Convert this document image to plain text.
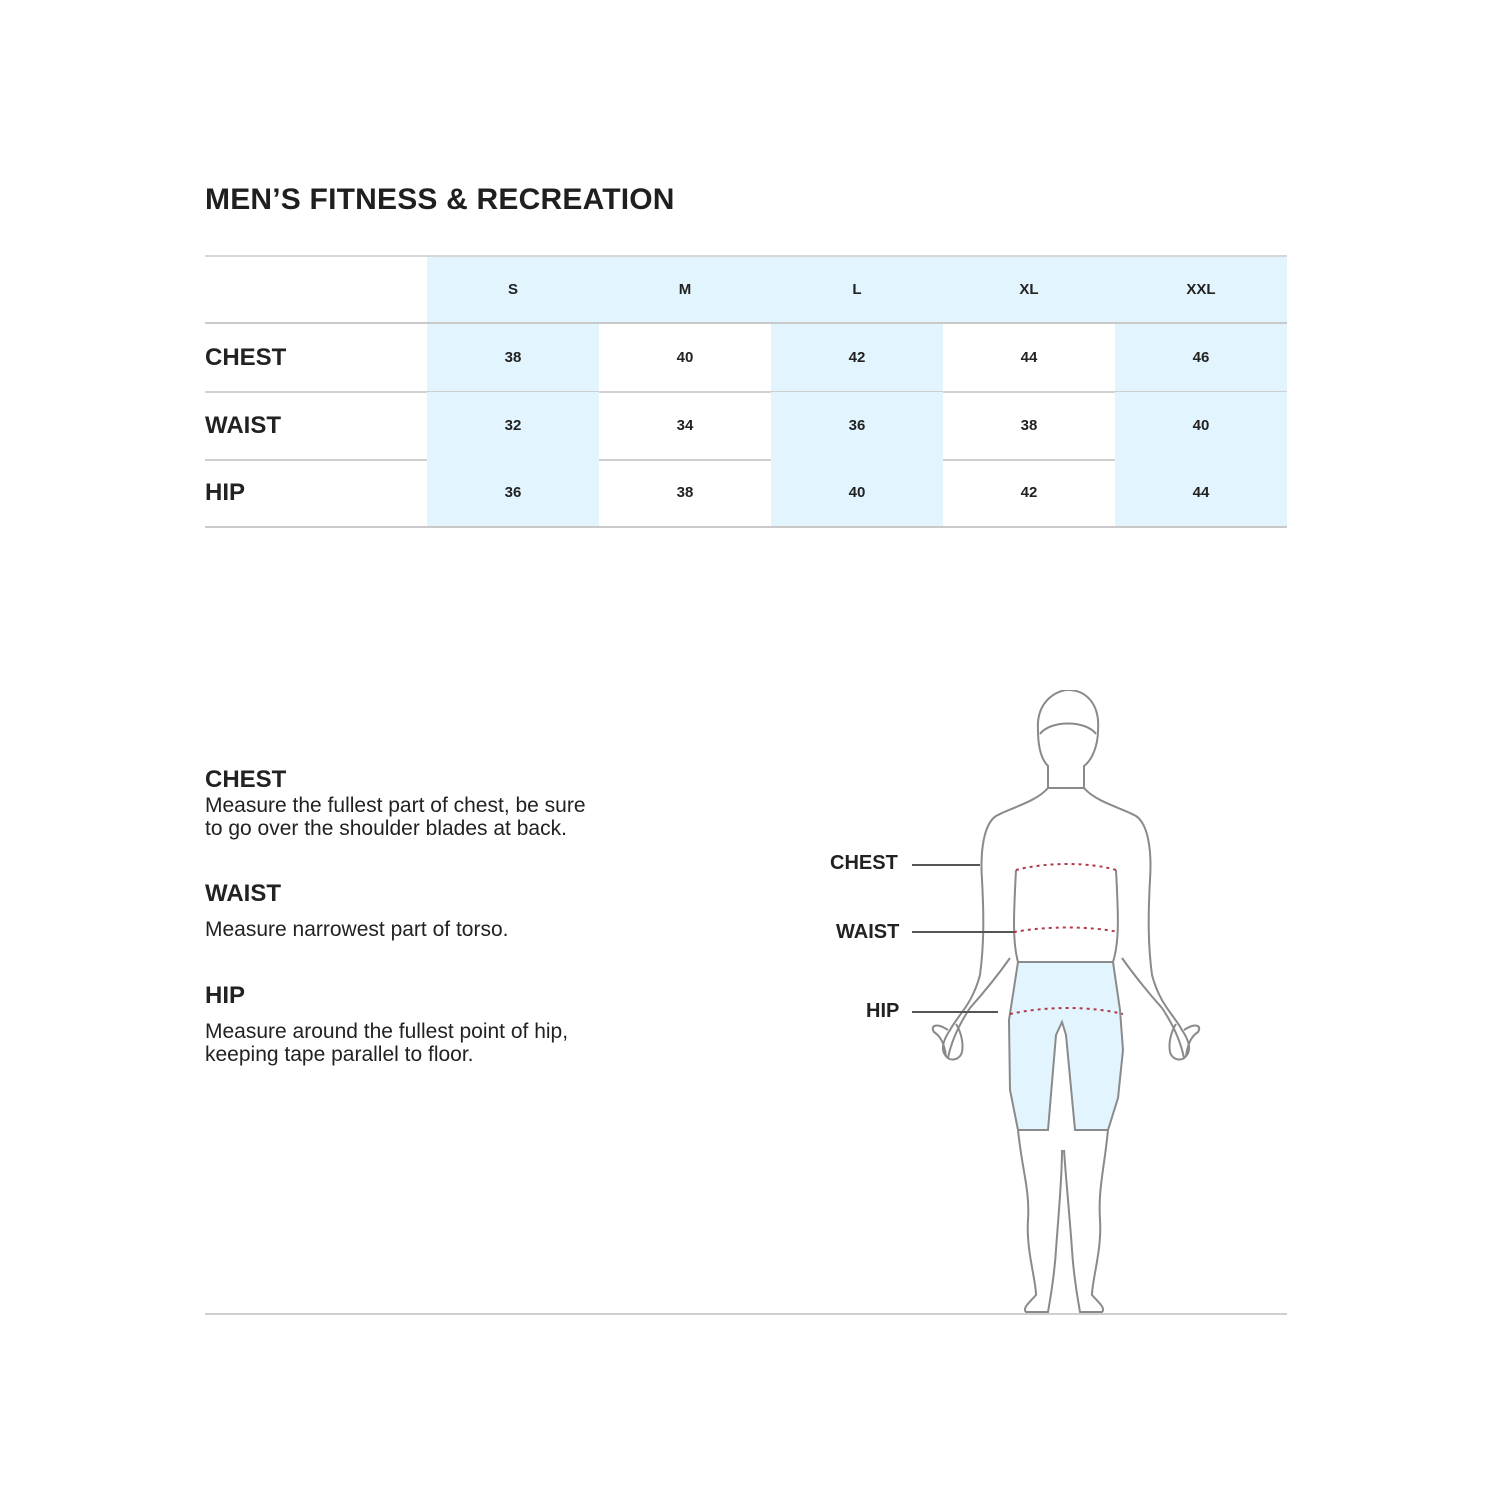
MEN’S FITNESS & RECREATION
S	M	L	XL	XXL
CHEST	38	40	42	44	46
WAIST	32	34	36	38	40
HIP	36	38	40	42	44
CHEST

Measure the fullest part of chest, be sure

to go over the shoulder blades at back.

WAIST

Measure narrowest part of torso.

HIP

Measure around the fullest point of hip,

keeping tape parallel to floor.

CHEST
WAIST
HIP
